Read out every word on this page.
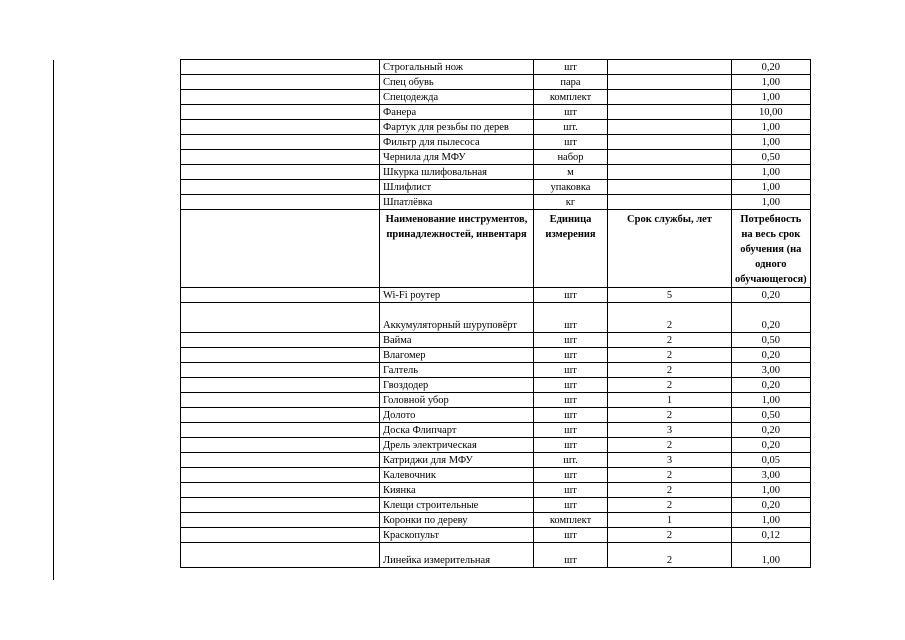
	Строгальный нож	шт		0,20
	Спец обувь	пара		1,00
	Спецодежда	комплект		1,00
	Фанера	шт		10,00
	Фартук для резьбы по дерев	шт.		1,00
	Фильтр для пылесоса	шт		1,00
	Чернила для МФУ	набор		0,50
	Шкурка шлифовальная	м		1,00
	Шлифлист	упаковка		1,00
	Шпатлёвка	кг		1,00
	Наименование инструментов, принадлежностей, инвентаря	Единица измерения	Срок службы, лет	Потребность на весь срок обучения (на одного обучающегося)
	Wi-Fi роутер	шт	5	0,20
	Аккумуляторный шуруповёрт	шт	2	0,20
	Вайма	шт	2	0,50
	Влагомер	шт	2	0,20
	Галтель	шт	2	3,00
	Гвоздодер	шт	2	0,20
	Головной убор	шт	1	1,00
	Долото	шт	2	0,50
	Доска Флипчарт	шт	3	0,20
	Дрель электрическая	шт	2	0,20
	Катриджи для МФУ	шт.	3	0,05
	Калевочник	шт	2	3,00
	Киянка	шт	2	1,00
	Клещи строительные	шт	2	0,20
	Коронки по дереву	комплект	1	1,00
	Краскопульт	шт	2	0,12
	Линейка измерительная	шт	2	1,00
